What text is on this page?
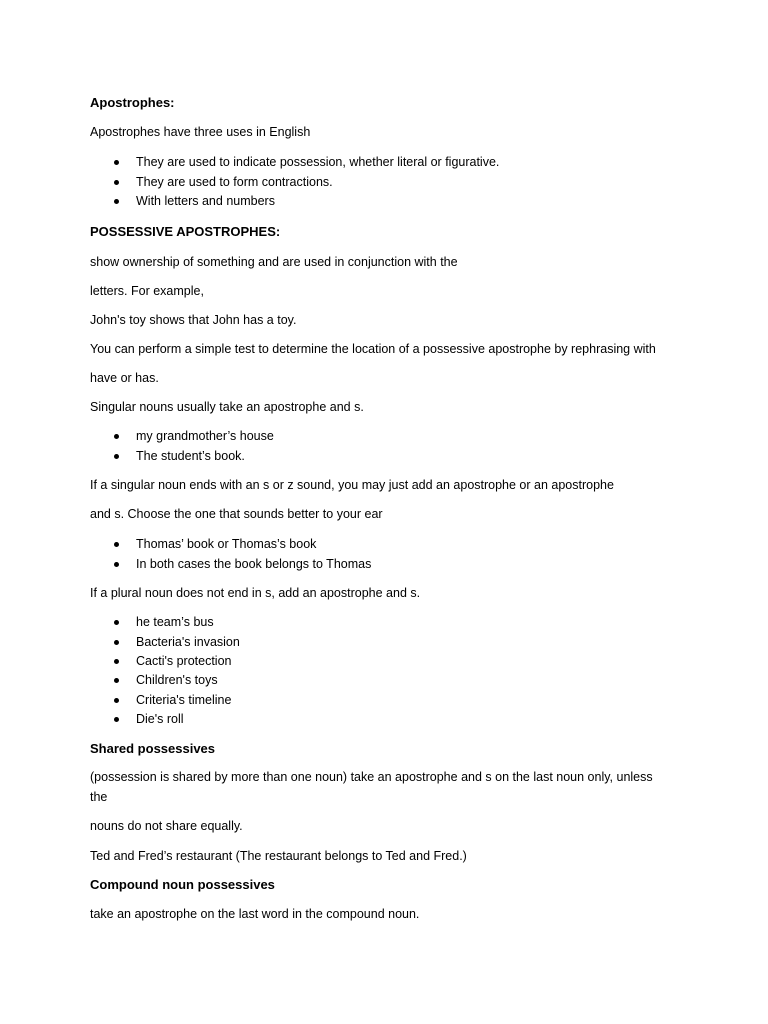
Apostrophes:
Apostrophes have three uses in English
They are used to indicate possession, whether literal or figurative.
They are used to form contractions.
With letters and numbers
POSSESSIVE APOSTROPHES:
show ownership of something and are used in conjunction with the
letters. For example,
John's toy shows that John has a toy.
You can perform a simple test to determine the location of a possessive apostrophe by rephrasing with
have or has.
Singular nouns usually take an apostrophe and s.
my grandmother’s house
The student’s book.
If a singular noun ends with an s or z sound, you may just add an apostrophe or an apostrophe
and s. Choose the one that sounds better to your ear
Thomas’ book or Thomas’s book
In both cases the book belongs to Thomas
If a plural noun does not end in s, add an apostrophe and s.
he team’s bus
Bacteria's invasion
Cacti's protection
Children's toys
Criteria's timeline
Die's roll
Shared possessives
(possession is shared by more than one noun) take an apostrophe and s on the last noun only, unless
the
nouns do not share equally.
Ted and Fred’s restaurant (The restaurant belongs to Ted and Fred.)
Compound noun possessives
take an apostrophe on the last word in the compound noun.
